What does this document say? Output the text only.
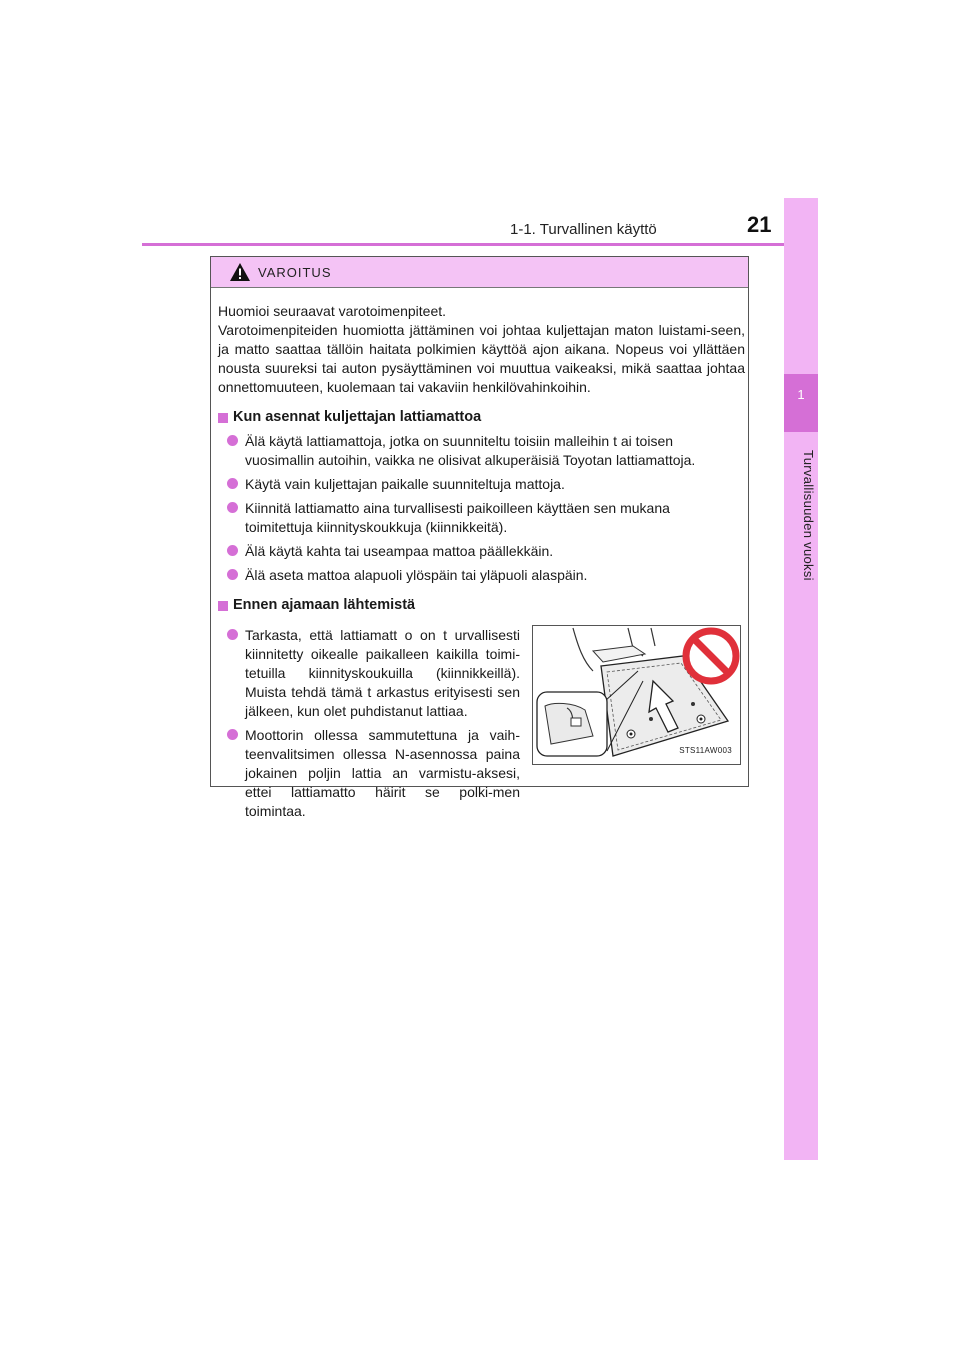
1-1. Turvallinen käyttö	21
1
Turvallisuuden vuoksi
VAROITUS

Huomioi seuraavat varotoimenpiteet.

Varotoimenpiteiden huomiotta jättäminen voi johtaa kuljettajan maton luistami-seen, ja matto saattaa tällöin haitata polkimien käyttöä ajon aikana. Nopeus voi yllättäen nousta suureksi tai auton pysäyttäminen voi muuttua vaikeaksi, mikä saattaa johtaa onnettomuuteen, kuolemaan tai vakaviin henkilövahinkoihin.

Kun asennat kuljettajan lattiamattoa

Älä käytä lattiamattoja, jotka on suunniteltu toisiin malleihin t ai toisen

vuosimallin autoihin, vaikka ne olisivat alkuperäisiä Toyotan lattiamattoja.

Käytä vain kuljettajan paikalle suunniteltuja mattoja.

Kiinnitä lattiamatto aina turvallisesti paikoilleen käyttäen sen mukana

toimitettuja kiinnityskoukkuja (kiinnikkeitä).

Älä käytä kahta tai useampaa mattoa päällekkäin.

Älä aseta mattoa alapuoli ylöspäin tai yläpuoli alaspäin.

Ennen ajamaan lähtemistä

Tarkasta, että lattiamatt o on t urvallisesti kiinnitetty oikealle paikalleen kaikilla toimi-tetuilla kiinnityskoukuilla (kiinnikkeillä). Muista tehdä tämä t arkastus erityisesti sen jälkeen, kun olet puhdistanut lattiaa.

Moottorin ollessa sammutettuna ja vaih-teenvalitsimen ollessa N-asennossa paina jokainen poljin lattia an varmistu-aksesi, ettei lattiamatto häirit se polki-men toimintaa.

STS11AW003
